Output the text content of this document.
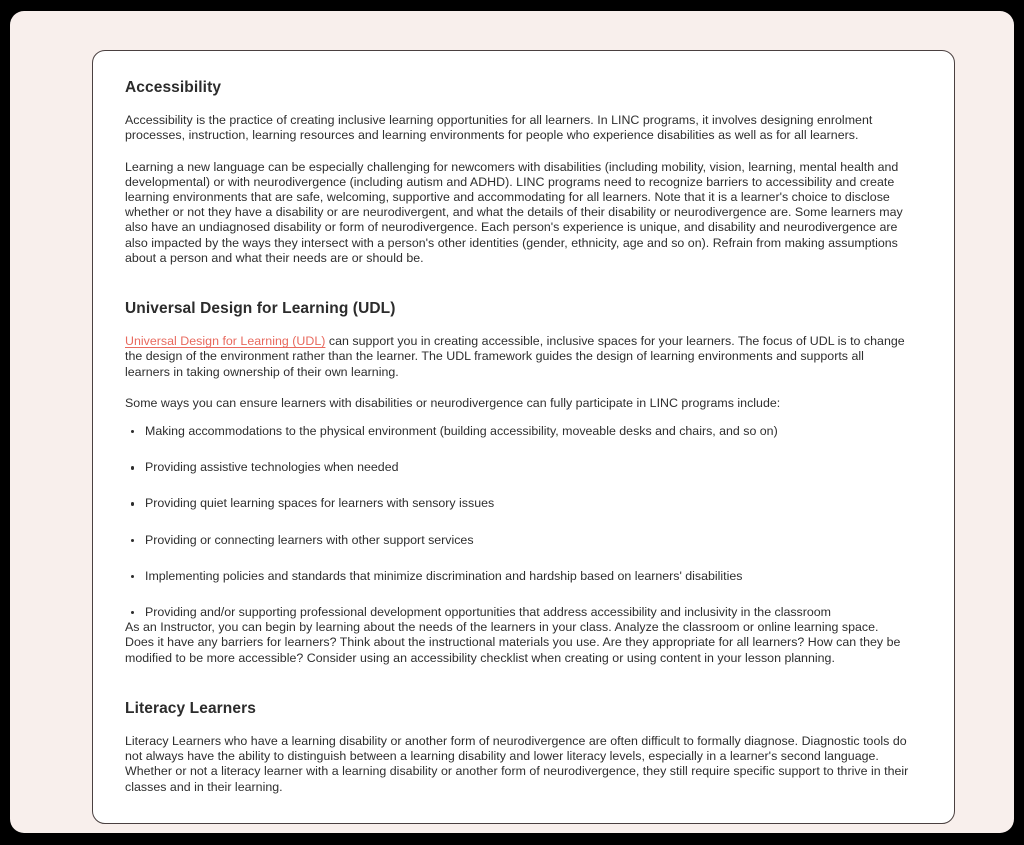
Accessibility

Accessibility is the practice of creating inclusive learning opportunities for all learners. In LINC programs, it involves designing enrolment processes, instruction, learning resources and learning environments for people who experience disabilities as well as for all learners.

Learning a new language can be especially challenging for newcomers with disabilities (including mobility, vision, learning, mental health and developmental) or with neurodivergence (including autism and ADHD). LINC programs need to recognize barriers to accessibility and create learning environments that are safe, welcoming, supportive and accommodating for all learners. Note that it is a learner's choice to disclose whether or not they have a disability or are neurodivergent, and what the details of their disability or neurodivergence are. Some learners may also have an undiagnosed disability or form of neurodivergence. Each person's experience is unique, and disability and neurodivergence are also impacted by the ways they intersect with a person's other identities (gender, ethnicity, age and so on). Refrain from making assumptions about a person and what their needs are or should be.

Universal Design for Learning (UDL)

Universal Design for Learning (UDL) can support you in creating accessible, inclusive spaces for your learners. The focus of UDL is to change the design of the environment rather than the learner. The UDL framework guides the design of learning environments and supports all learners in taking ownership of their own learning.

Some ways you can ensure learners with disabilities or neurodivergence can fully participate in LINC programs include:

Making accommodations to the physical environment (building accessibility, moveable desks and chairs, and so on)
Providing assistive technologies when needed
Providing quiet learning spaces for learners with sensory issues
Providing or connecting learners with other support services
Implementing policies and standards that minimize discrimination and hardship based on learners' disabilities
Providing and/or supporting professional development opportunities that address accessibility and inclusivity in the classroom

As an Instructor, you can begin by learning about the needs of the learners in your class. Analyze the classroom or online learning space. Does it have any barriers for learners? Think about the instructional materials you use. Are they appropriate for all learners? How can they be modified to be more accessible? Consider using an accessibility checklist when creating or using content in your lesson planning.

Literacy Learners

Literacy Learners who have a learning disability or another form of neurodivergence are often difficult to formally diagnose. Diagnostic tools do not always have the ability to distinguish between a learning disability and lower literacy levels, especially in a learner's second language. Whether or not a literacy learner with a learning disability or another form of neurodivergence, they still require specific support to thrive in their classes and in their learning.
